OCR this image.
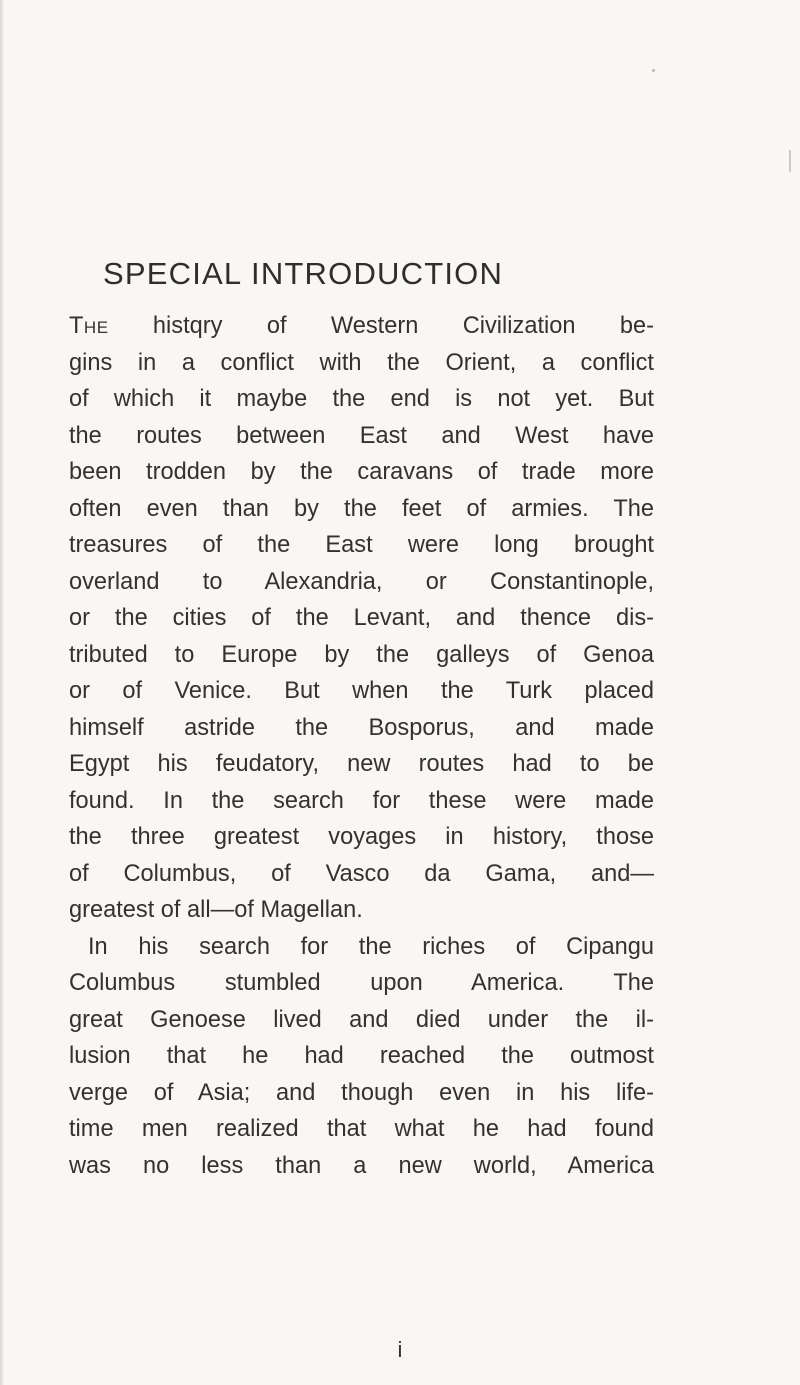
SPECIAL INTRODUCTION
The histqry of Western Civilization be-
gins in a conflict with the Orient, a conflict
of which it maybe the end is not yet. But
the routes between East and West have
been trodden by the caravans of trade more
often even than by the feet of armies. The
treasures of the East were long brought
overland to Alexandria, or Constantinople,
or the cities of the Levant, and thence dis-
tributed to Europe by the galleys of Genoa
or of Venice. But when the Turk placed
himself astride the Bosporus, and made
Egypt his feudatory, new routes had to be
found. In the search for these were made
the three greatest voyages in history, those
of Columbus, of Vasco da Gama, and—
greatest of all—of Magellan.
In his search for the riches of Cipangu
Columbus stumbled upon America. The
great Genoese lived and died under the il-
lusion that he had reached the outmost
verge of Asia; and though even in his life-
time men realized that what he had found
was no less than a new world, America
i
